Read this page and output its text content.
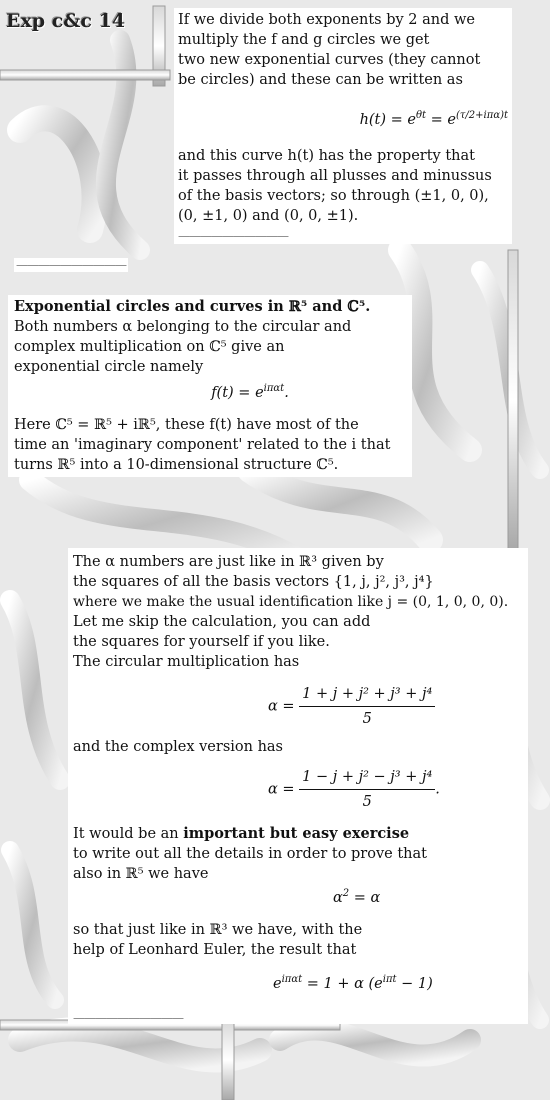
Exp c&c 14	If we divide both exponents by 2 and we

multiply the f and g circles we get

two new exponential curves (they cannot

be circles) and these can be written as

$h(t) = e^{\theta t} = e^{(\tau/2+i\pi\alpha)t}$

and this curve h(t) has the property that

it passes through all plusses and minussus

of the basis vectors; so through (±1, 0, 0),

(0, ±1, 0) and (0, 0, ±1).

——————————
——————————

Exponential circles and curves in ℝ⁵ and ℂ⁵.

Both numbers α belonging to the circular and

complex multiplication on ℂ⁵ give an

exponential circle namely

$f(t) = e^{i\pi\alpha t}$.

Here ℂ⁵ = ℝ⁵ + iℝ⁵, these f(t) have most of the

time an 'imaginary component' related to the i that

turns ℝ⁵ into a 10-dimensional structure ℂ⁵.

The α numbers are just like in ℝ³ given by

the squares of all the basis vectors {1, j, j², j³, j⁴}

where we make the usual identification like j = (0, 1, 0, 0, 0).

Let me skip the calculation, you can add

the squares for yourself if you like.

The circular multiplication has

$\alpha = \frac{\text{1 + j + j² + j³ + j⁴}}{5}$

and the complex version has

$\alpha = \frac{\text{1 − j + j² − j³ + j⁴}}{5}$ .

It would be an important but easy exercise

to write out all the details in order to prove that

also in ℝ⁵ we have

$\alpha^2 = \alpha$

so that just like in ℝ³ we have, with the

help of Leonhard Euler, the result that

$e^{i\pi\alpha t} = 1 + \alpha$ $(e^{i\pi t} - 1)$
——————————
